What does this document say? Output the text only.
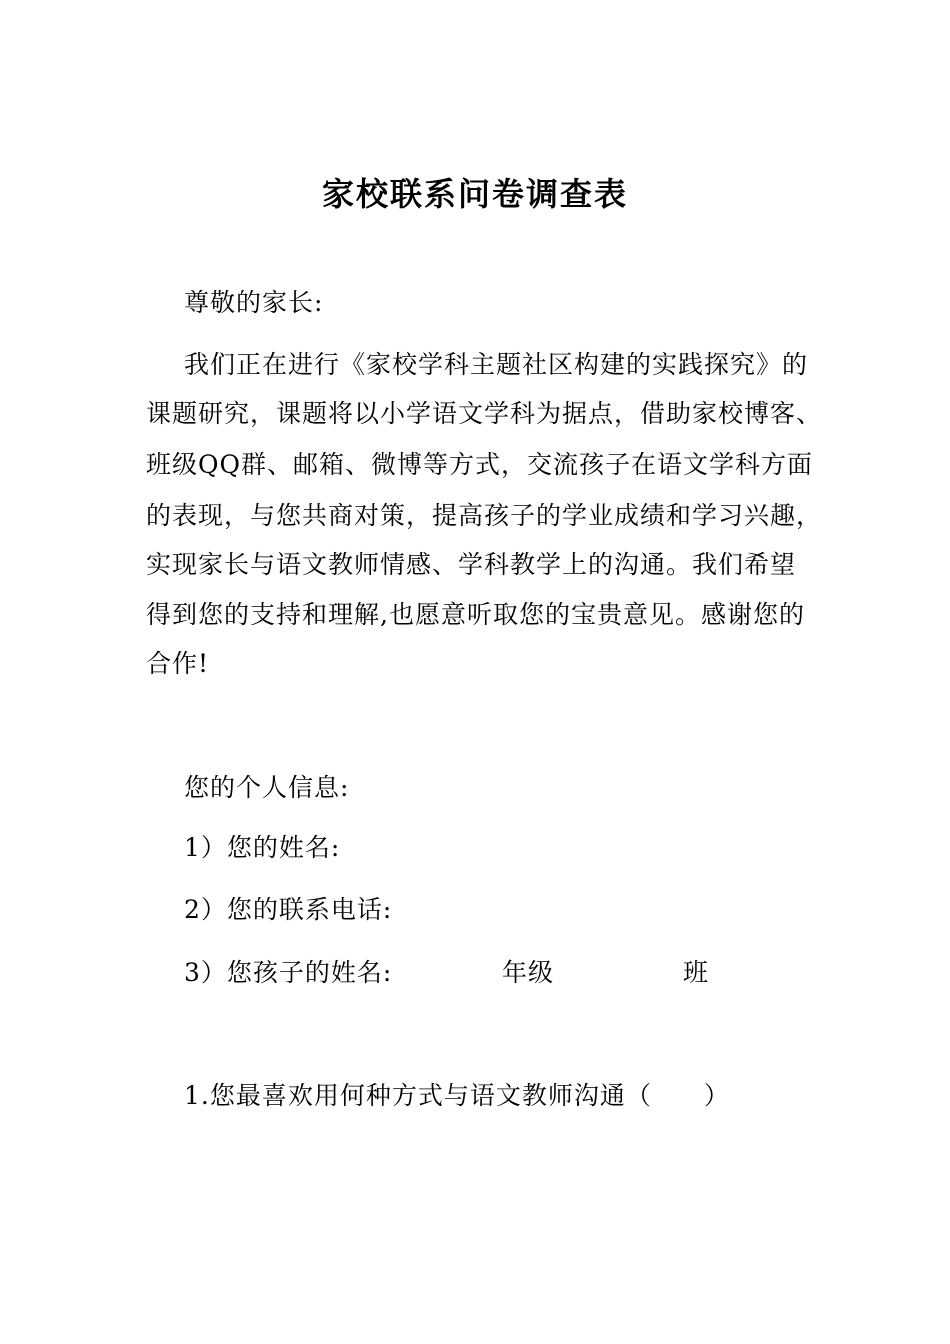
家校联系问卷调查表
尊敬的家长:
我们正在进行《家校学科主题社区构建的实践探究》的
课题研究，课题将以小学语文学科为据点，借助家校博客、
班级QQ群、邮箱、微博等方式，交流孩子在语文学科方面
的表现，与您共商对策，提高孩子的学业成绩和学习兴趣，
实现家长与语文教师情感、学科教学上的沟通。我们希望
得到您的支持和理解,也愿意听取您的宝贵意见。感谢您的
合作!
您的个人信息:
1）您的姓名:
2）您的联系电话:
3）您孩子的姓名:	年级	班
1.您最喜欢用何种方式与语文教师沟通（　　）
